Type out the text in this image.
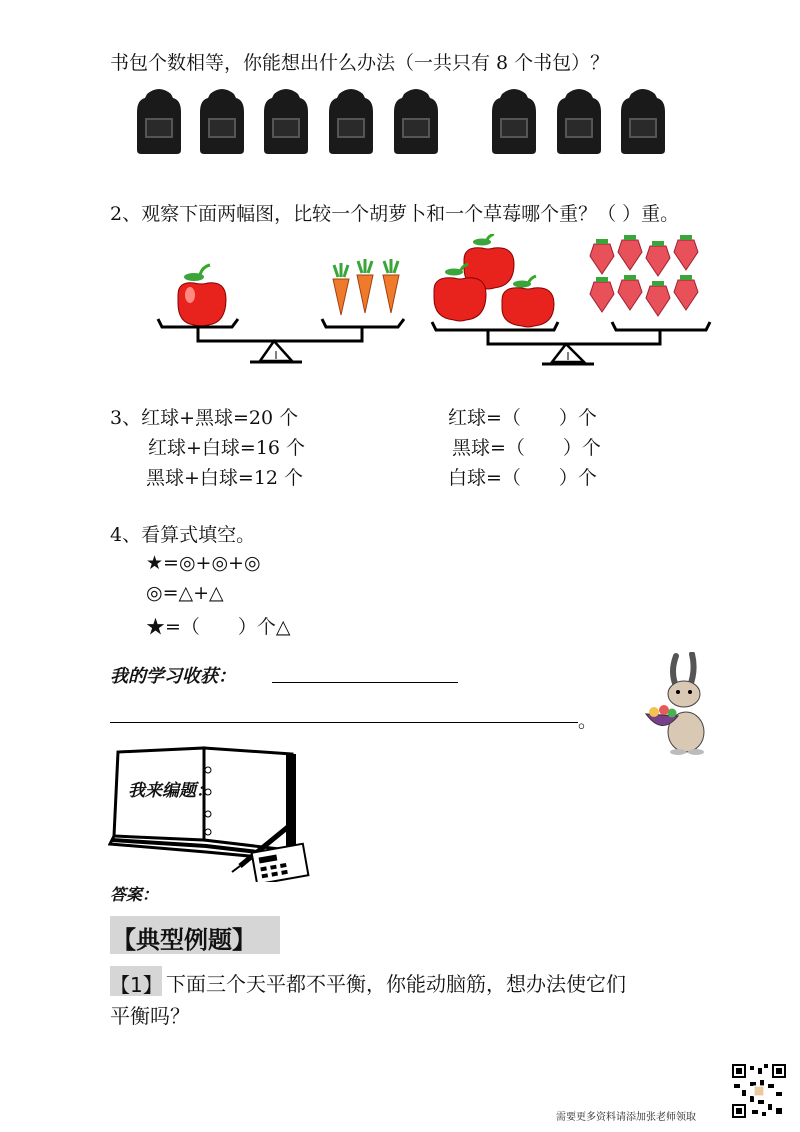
书包个数相等，你能想出什么办法（一共只有 8 个书包）？
2、观察下面两幅图，比较一个胡萝卜和一个草莓哪个重？（ ）重。
3、红球+黑球=20 个
红球+白球=16 个
黑球+白球=12 个
红球=（　　）个
黑球=（　　）个
白球=（　　）个
4、看算式填空。
★=◎+◎+◎
◎=△+△
★=（　　）个△
我的学习收获：
。
我来编题：
答案：
【典型例题】
【1】 下面三个天平都不平衡，你能动脑筋，想办法使它们
平衡吗？
需要更多资料请添加张老师领取
